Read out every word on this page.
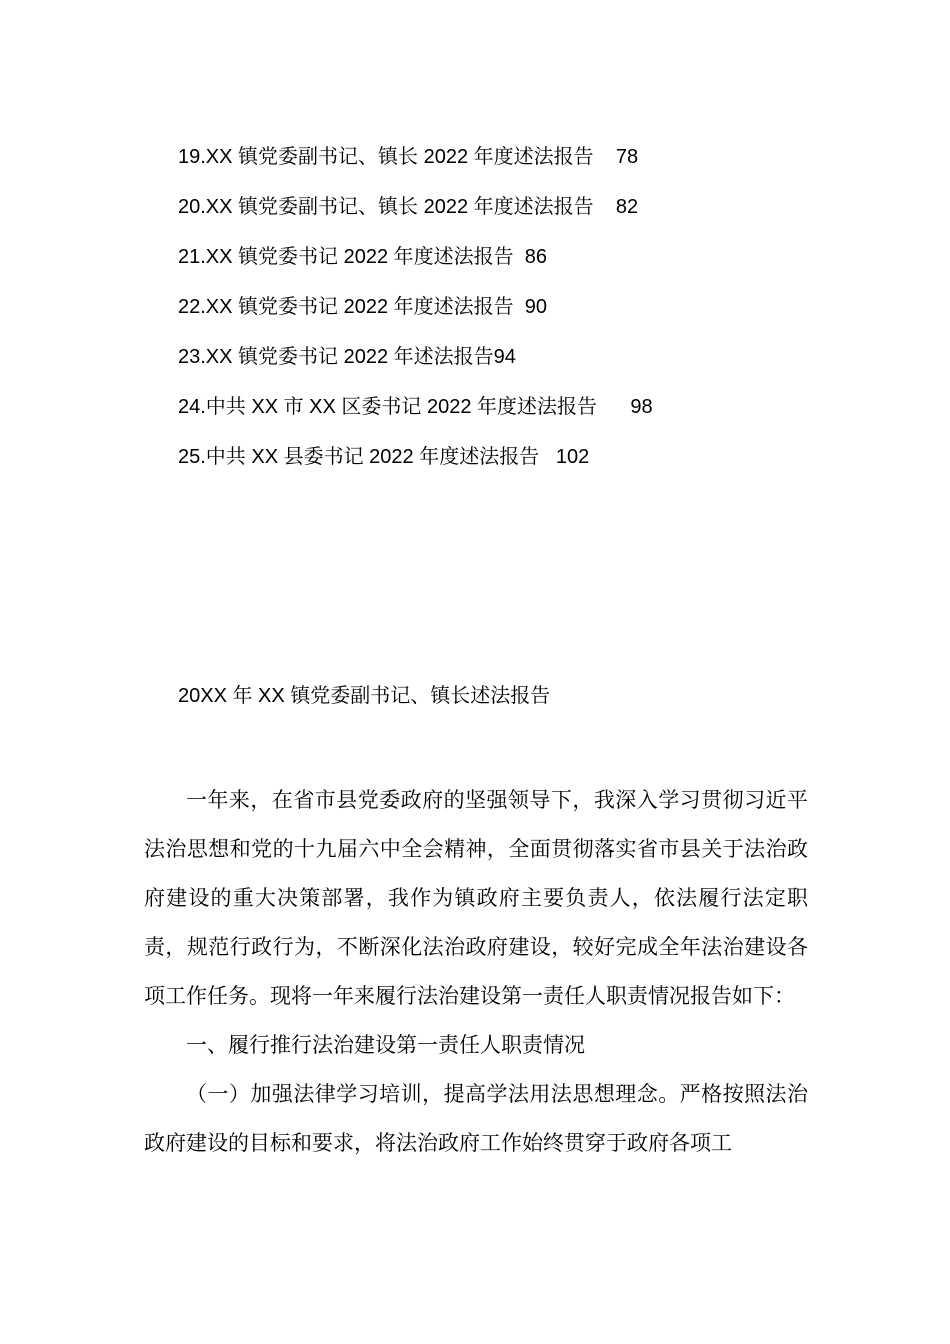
19.XX 镇党委副书记、镇长 2022 年度述法报告 78
20.XX 镇党委副书记、镇长 2022 年度述法报告 82
21.XX 镇党委书记 2022 年度述法报告 86
22.XX 镇党委书记 2022 年度述法报告 90
23.XX 镇党委书记 2022 年述法报告94
24.中共 XX 市 XX 区委书记 2022 年度述法报告 98
25.中共 XX 县委书记 2022 年度述法报告 102
20XX 年 XX 镇党委副书记、镇长述法报告

一年来，在省市县党委政府的坚强领导下，我深入学习贯彻习近平法治思想和党的十九届六中全会精神，全面贯彻落实省市县关于法治政府建设的重大决策部署，我作为镇政府主要负责人，依法履行法定职责，规范行政行为，不断深化法治政府建设，较好完成全年法治建设各项工作任务。现将一年来履行法治建设第一责任人职责情况报告如下：

一、履行推行法治建设第一责任人职责情况

（一）加强法律学习培训，提高学法用法思想理念。严格按照法治政府建设的目标和要求，将法治政府工作始终贯穿于政府各项工
